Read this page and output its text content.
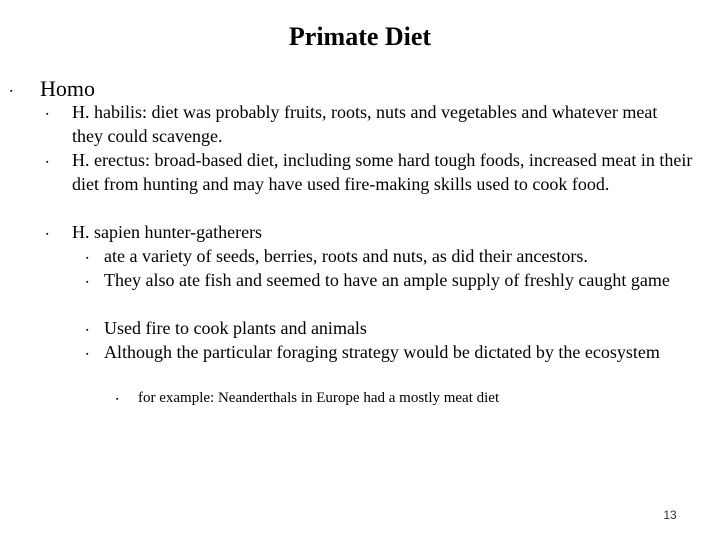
Primate Diet
▪ Homo
▪ H. habilis: diet was probably fruits, roots, nuts and vegetables and whatever meat they could scavenge.
▪ H. erectus: broad-based diet, including some hard tough foods, increased meat in their diet from hunting and may have used fire-making skills used to cook food.
▪ H. sapien hunter-gatherers
▪ ate a variety of seeds, berries, roots and nuts, as did their ancestors.
▪ They also ate fish and seemed to have an ample supply of freshly caught game
▪ Used fire to cook plants and animals
▪ Although the particular foraging strategy would be dictated by the ecosystem
▪ for example: Neanderthals in Europe had a mostly meat diet
13
